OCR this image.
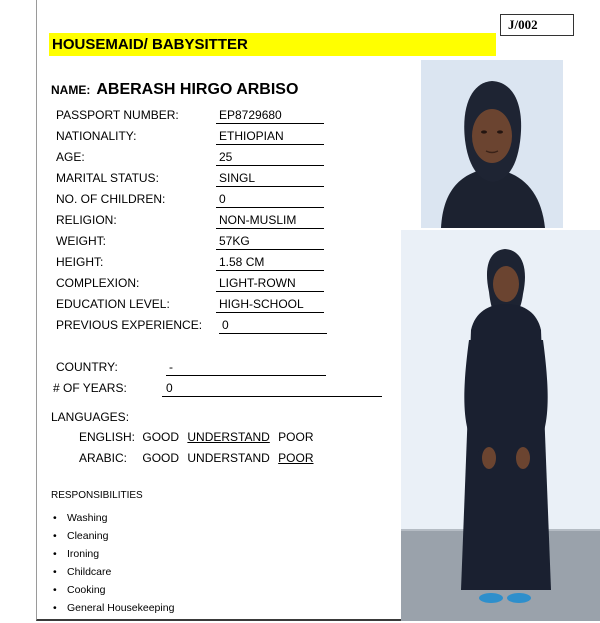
J/002
HOUSEMAID/ BABYSITTER
NAME: ABERASH HIRGO ARBISO
PASSPORT NUMBER:	EP8729680
NATIONALITY:	ETHIOPIAN
AGE:	25
MARITAL STATUS:	SINGL
NO. OF CHILDREN:	0
RELIGION:	NON-MUSLIM
WEIGHT:	57KG
HEIGHT:	1.58 CM
COMPLEXION:	LIGHT-ROWN
EDUCATION LEVEL:	HIGH-SCHOOL
PREVIOUS EXPERIENCE: 0
COUNTRY:	-
# OF YEARS:	0
LANGUAGES:
ENGLISH: GOOD UNDERSTAND POOR
ARABIC: GOOD UNDERSTAND POOR
RESPONSIBILITIES
• Washing
• Cleaning
• Ironing
• Childcare
• Cooking
• General Housekeeping
